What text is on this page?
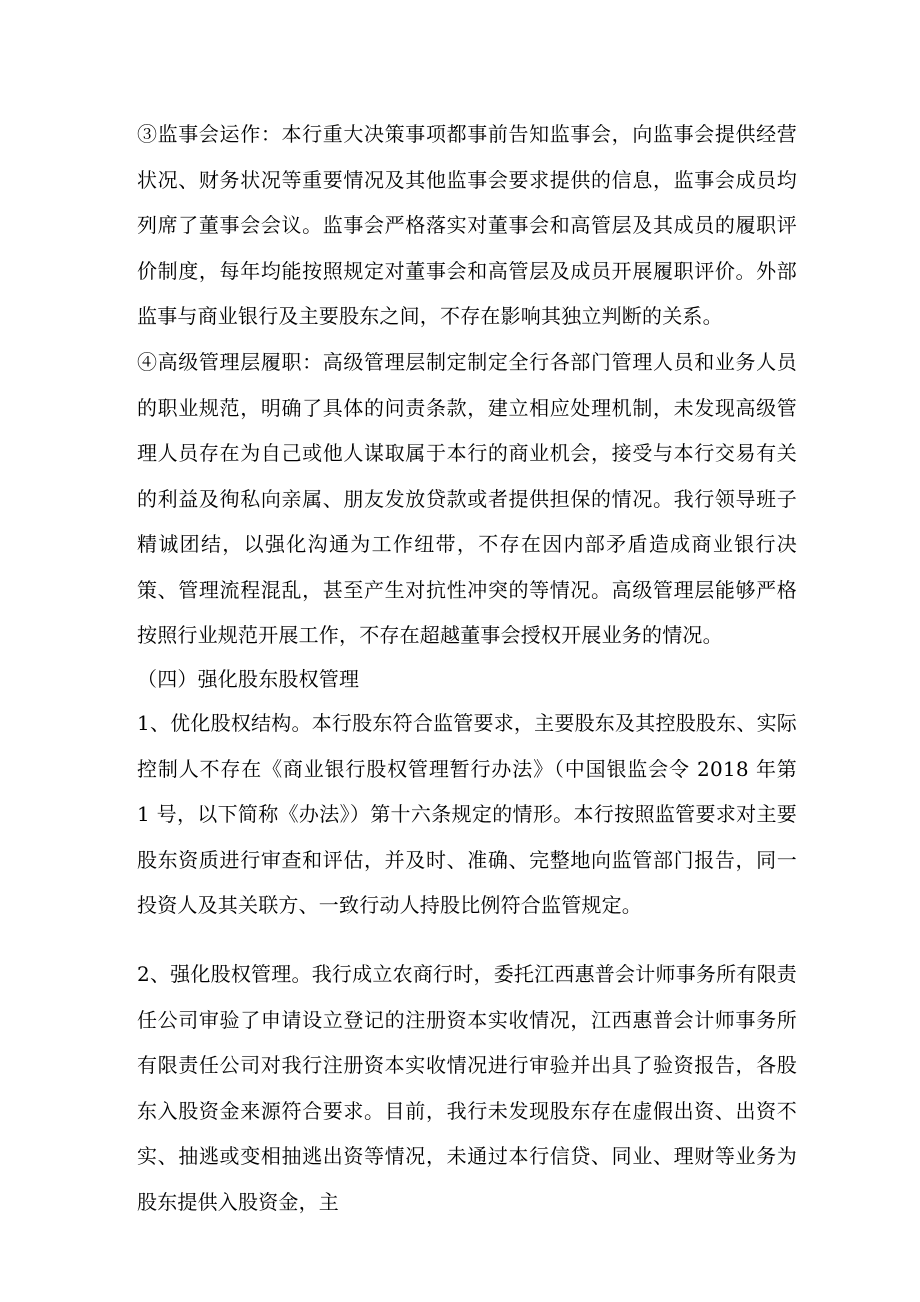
③监事会运作：本行重大决策事项都事前告知监事会，向监事会提供经营状况、财务状况等重要情况及其他监事会要求提供的信息，监事会成员均列席了董事会会议。监事会严格落实对董事会和高管层及其成员的履职评价制度，每年均能按照规定对董事会和高管层及成员开展履职评价。外部监事与商业银行及主要股东之间，不存在影响其独立判断的关系。

④高级管理层履职：高级管理层制定制定全行各部门管理人员和业务人员的职业规范，明确了具体的问责条款，建立相应处理机制，未发现高级管理人员存在为自己或他人谋取属于本行的商业机会，接受与本行交易有关的利益及徇私向亲属、朋友发放贷款或者提供担保的情况。我行领导班子精诚团结，以强化沟通为工作纽带，不存在因内部矛盾造成商业银行决策、管理流程混乱，甚至产生对抗性冲突的等情况。高级管理层能够严格按照行业规范开展工作，不存在超越董事会授权开展业务的情况。

（四）强化股东股权管理

1、优化股权结构。本行股东符合监管要求，主要股东及其控股股东、实际控制人不存在《商业银行股权管理暂行办法》（中国银监会令 2018 年第 1 号，以下简称《办法》）第十六条规定的情形。本行按照监管要求对主要股东资质进行审查和评估，并及时、准确、完整地向监管部门报告，同一投资人及其关联方、一致行动人持股比例符合监管规定。

2、强化股权管理。我行成立农商行时，委托江西惠普会计师事务所有限责任公司审验了申请设立登记的注册资本实收情况，江西惠普会计师事务所有限责任公司对我行注册资本实收情况进行审验并出具了验资报告，各股东入股资金来源符合要求。目前，我行未发现股东存在虚假出资、出资不实、抽逃或变相抽逃出资等情况，未通过本行信贷、同业、理财等业务为股东提供入股资金，主
